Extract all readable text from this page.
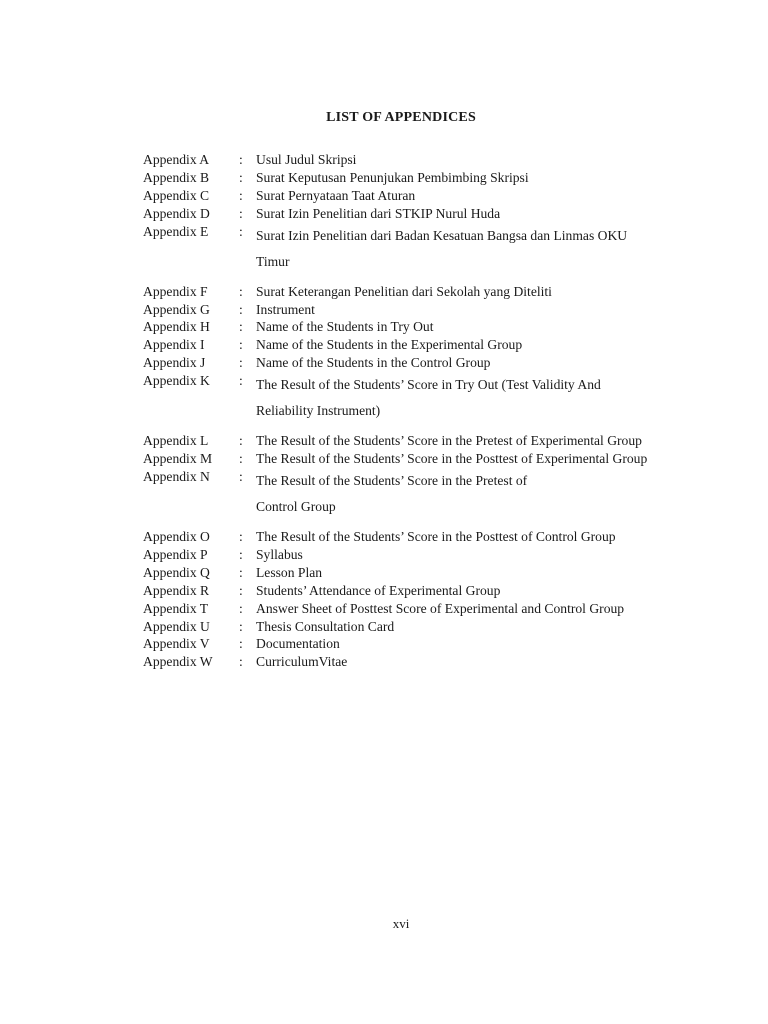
LIST OF APPENDICES
Appendix A	: Usul Judul Skripsi
Appendix B	: Surat Keputusan Penunjukan Pembimbing Skripsi
Appendix C	: Surat Pernyataan Taat Aturan
Appendix D	: Surat Izin Penelitian dari STKIP Nurul Huda
Appendix E	: Surat Izin Penelitian dari Badan Kesatuan Bangsa dan Linmas OKU
Timur
Appendix F	: Surat Keterangan Penelitian dari Sekolah yang Diteliti
Appendix G	: Instrument
Appendix H	: Name of the Students in Try Out
Appendix I	: Name of the Students in the Experimental Group
Appendix J	: Name of the Students in the Control Group
Appendix K	: The Result of the Students’ Score in Try Out (Test Validity And
Reliability Instrument)
Appendix L	: The Result of the Students’ Score in the Pretest of Experimental Group
Appendix M	: The Result of the Students’ Score in the Posttest of Experimental Group
Appendix N	: The Result of the Students’ Score in the Pretest of
Control Group
Appendix O	: The Result of the Students’ Score in the Posttest of Control Group
Appendix P	: Syllabus
Appendix Q	: Lesson Plan
Appendix R	: Students’ Attendance of Experimental Group
Appendix T	: Answer Sheet of Posttest Score of Experimental and Control Group
Appendix U	: Thesis Consultation Card
Appendix V	: Documentation
Appendix W	: CurriculumVitae
xvi
